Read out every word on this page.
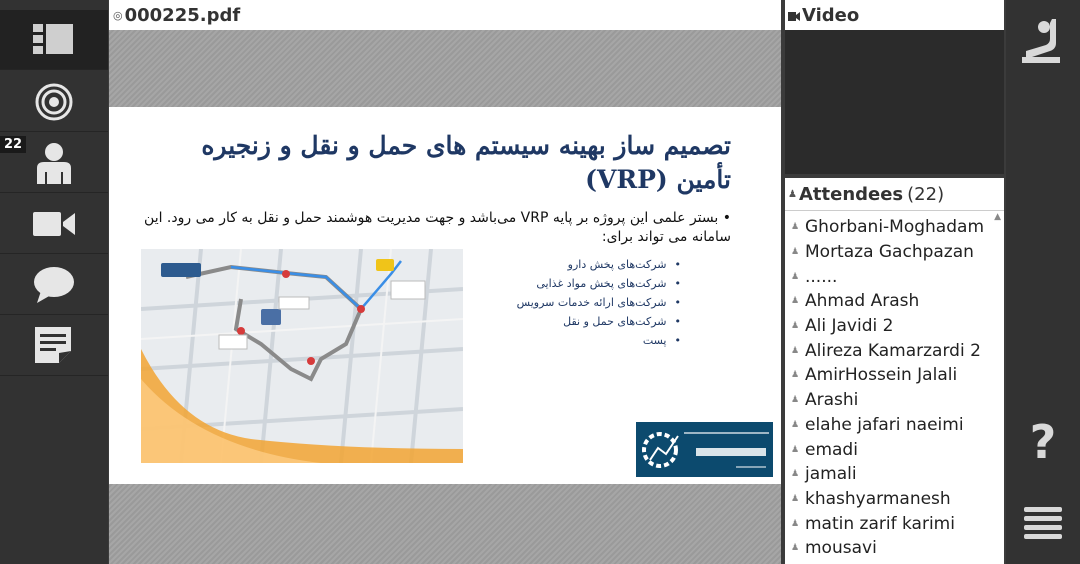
22
◎ 000225.pdf
تصمیم ساز بهینه سیستم های حمل و نقل و زنجیره تأمین (VRP)
• بستر علمی این پروژه بر پایه VRP می‌باشد و جهت مدیریت هوشمند حمل و نقل به کار می رود. این سامانه می تواند برای:
• شرکت‌های پخش دارو
• شرکت‌های پخش مواد غذایی
• شرکت‌های ارائه خدمات سرویس
• شرکت‌های حمل و نقل
• پست
Video
♟ Attendees (22)
▲
♟ Ghorbani-Moghadam
♟ Mortaza Gachpazan
♟ ......
♟ Ahmad Arash
♟ Ali Javidi 2
♟ Alireza Kamarzardi 2
♟ AmirHossein Jalali
♟ Arashi
♟ elahe jafari naeimi
♟ emadi
♟ jamali
♟ khashyarmanesh
♟ matin zarif karimi
♟ mousavi
?
